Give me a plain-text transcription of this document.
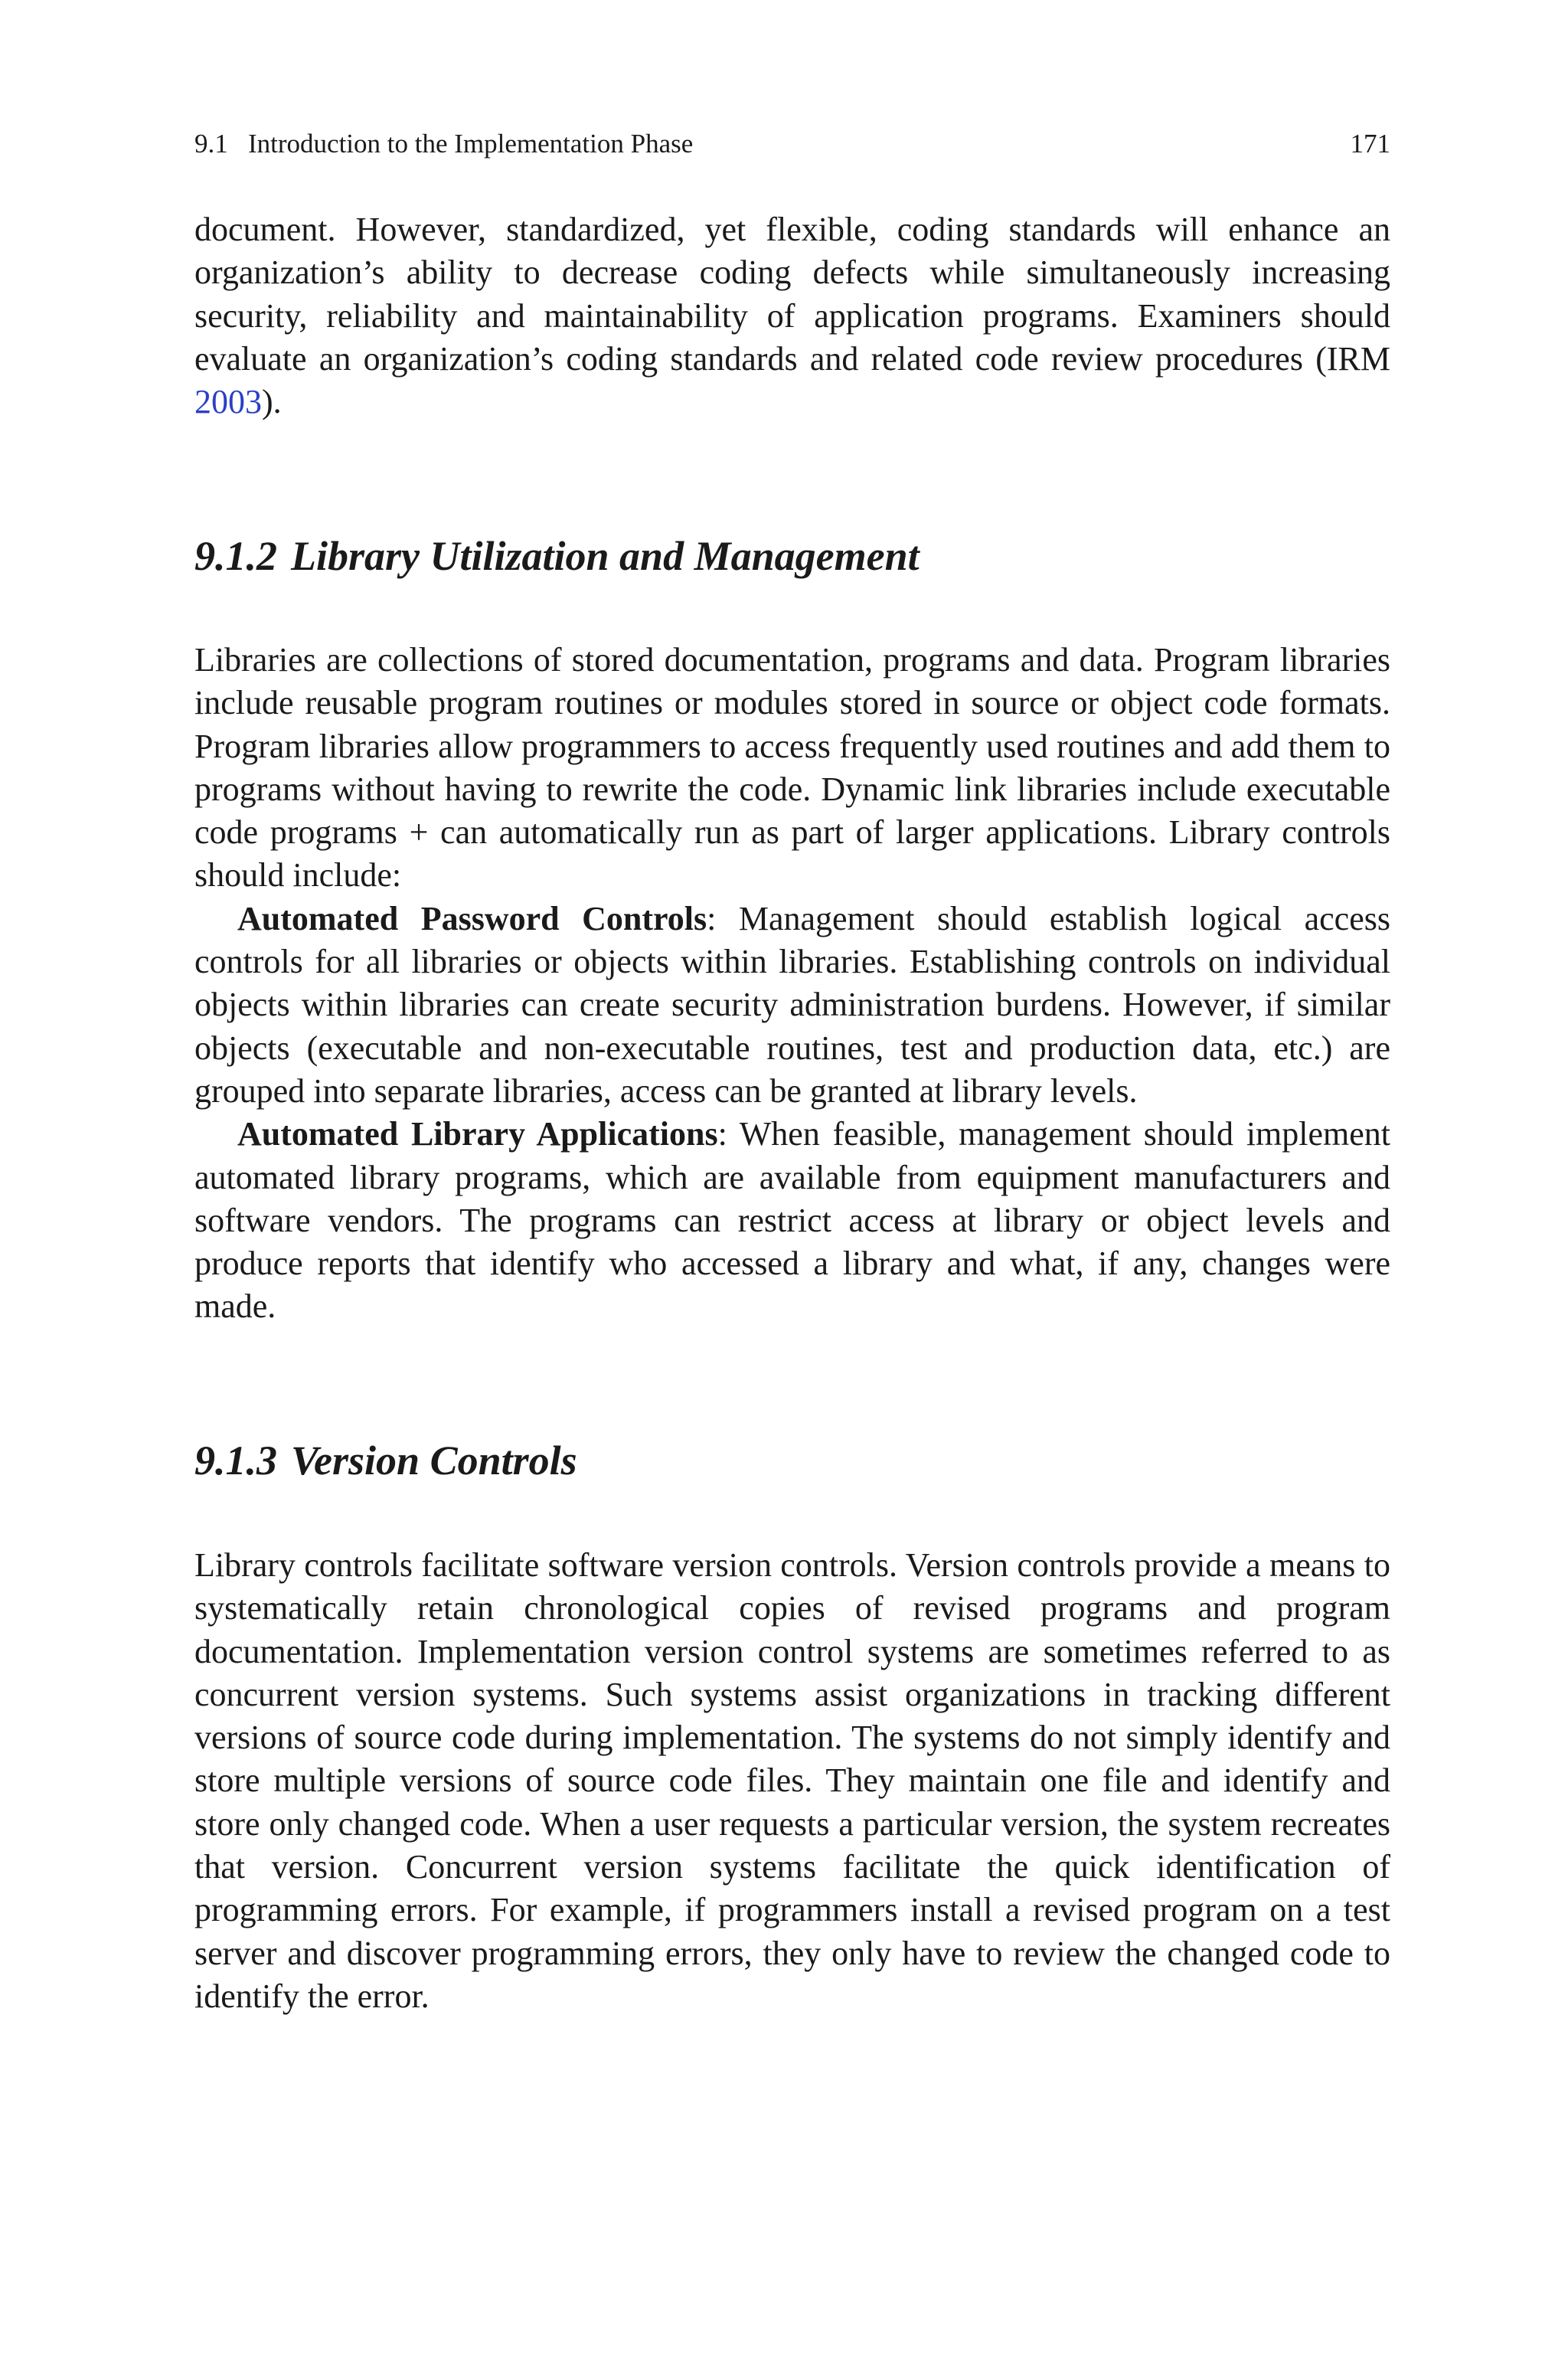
9.1   Introduction to the Implementation Phase	171

document. However, standardized, yet flexible, coding standards will enhance an organization’s ability to decrease coding defects while simultaneously increasing security, reliability and maintainability of application programs. Examiners should evaluate an organization’s coding standards and related code review procedures (IRM 2003).

9.1.2 Library Utilization and Management

Libraries are collections of stored documentation, programs and data. Program libraries include reusable program routines or modules stored in source or object code formats. Program libraries allow programmers to access frequently used routines and add them to programs without having to rewrite the code. Dynamic link libraries include executable code programs + can automatically run as part of larger applications. Library controls should include:

Automated Password Controls: Management should establish logical access controls for all libraries or objects within libraries. Establishing controls on individual objects within libraries can create security administration burdens. However, if similar objects (executable and non-executable routines, test and production data, etc.) are grouped into separate libraries, access can be granted at library levels.

Automated Library Applications: When feasible, management should implement automated library programs, which are available from equipment manufacturers and software vendors. The programs can restrict access at library or object levels and produce reports that identify who accessed a library and what, if any, changes were made.

9.1.3 Version Controls

Library controls facilitate software version controls. Version controls provide a means to systematically retain chronological copies of revised programs and program documentation. Implementation version control systems are sometimes referred to as concurrent version systems. Such systems assist organizations in tracking different versions of source code during implementation. The systems do not simply identify and store multiple versions of source code files. They maintain one file and identify and store only changed code. When a user requests a particular version, the system recreates that version. Concurrent version systems facilitate the quick identification of programming errors. For example, if programmers install a revised program on a test server and discover programming errors, they only have to review the changed code to identify the error.
